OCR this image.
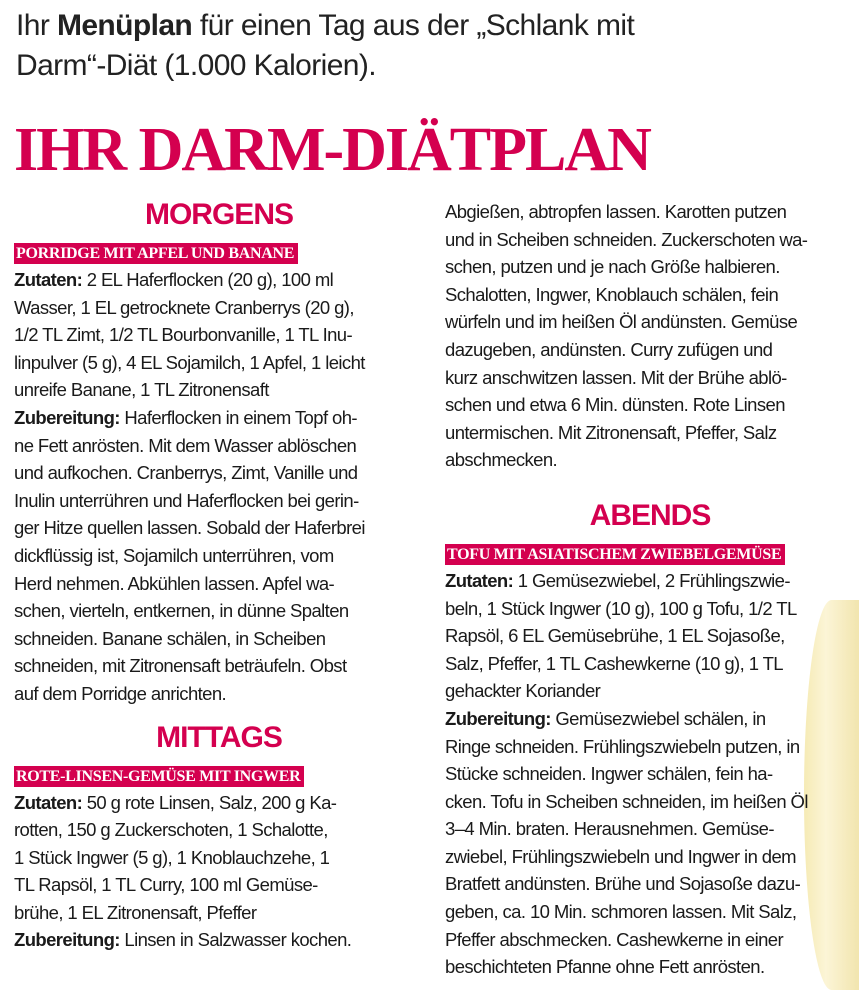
Ihr Menüplan für einen Tag aus der „Schlank mit
Darm“-Diät (1.000 Kalorien).
IHR DARM-DIÄTPLAN
MORGENS
PORRIDGE MIT APFEL UND BANANE
Zutaten: 2 EL Haferflocken (20 g), 100 ml
Wasser, 1 EL getrocknete Cranberrys (20 g),
1/2 TL Zimt, 1/2 TL Bourbonvanille, 1 TL Inu-
linpulver (5 g), 4 EL Sojamilch, 1 Apfel, 1 leicht
unreife Banane, 1 TL Zitronensaft
Zubereitung: Haferflocken in einem Topf oh-
ne Fett anrösten. Mit dem Wasser ablöschen
und aufkochen. Cranberrys, Zimt, Vanille und
Inulin unterrühren und Haferflocken bei gerin-
ger Hitze quellen lassen. Sobald der Haferbrei
dickflüssig ist, Sojamilch unterrühren, vom
Herd nehmen. Abkühlen lassen. Apfel wa-
schen, vierteln, entkernen, in dünne Spalten
schneiden. Banane schälen, in Scheiben
schneiden, mit Zitronensaft beträufeln. Obst
auf dem Porridge anrichten.
MITTAGS
ROTE-LINSEN-GEMÜSE MIT INGWER
Zutaten: 50 g rote Linsen, Salz, 200 g Ka-
rotten, 150 g Zuckerschoten, 1 Schalotte,
1 Stück Ingwer (5 g), 1 Knoblauchzehe, 1
TL Rapsöl, 1 TL Curry, 100 ml Gemüse-
brühe, 1 EL Zitronensaft, Pfeffer
Zubereitung: Linsen in Salzwasser kochen.
Abgießen, abtropfen lassen. Karotten putzen
und in Scheiben schneiden. Zuckerschoten wa-
schen, putzen und je nach Größe halbieren.
Schalotten, Ingwer, Knoblauch schälen, fein
würfeln und im heißen Öl andünsten. Gemüse
dazugeben, andünsten. Curry zufügen und
kurz anschwitzen lassen. Mit der Brühe ablö-
schen und etwa 6 Min. dünsten. Rote Linsen
untermischen. Mit Zitronensaft, Pfeffer, Salz
abschmecken.
ABENDS
TOFU MIT ASIATISCHEM ZWIEBELGEMÜSE
Zutaten: 1 Gemüsezwiebel, 2 Frühlingszwie-
beln, 1 Stück Ingwer (10 g), 100 g Tofu, 1/2 TL
Rapsöl, 6 EL Gemüsebrühe, 1 EL Sojasoße,
Salz, Pfeffer, 1 TL Cashewkerne (10 g), 1 TL
gehackter Koriander
Zubereitung: Gemüsezwiebel schälen, in
Ringe schneiden. Frühlingszwiebeln putzen, in
Stücke schneiden. Ingwer schälen, fein ha-
cken. Tofu in Scheiben schneiden, im heißen Öl
3–4 Min. braten. Herausnehmen. Gemüse-
zwiebel, Frühlingszwiebeln und Ingwer in dem
Bratfett andünsten. Brühe und Sojasoße dazu-
geben, ca. 10 Min. schmoren lassen. Mit Salz,
Pfeffer abschmecken. Cashewkerne in einer
beschichteten Pfanne ohne Fett anrösten.
